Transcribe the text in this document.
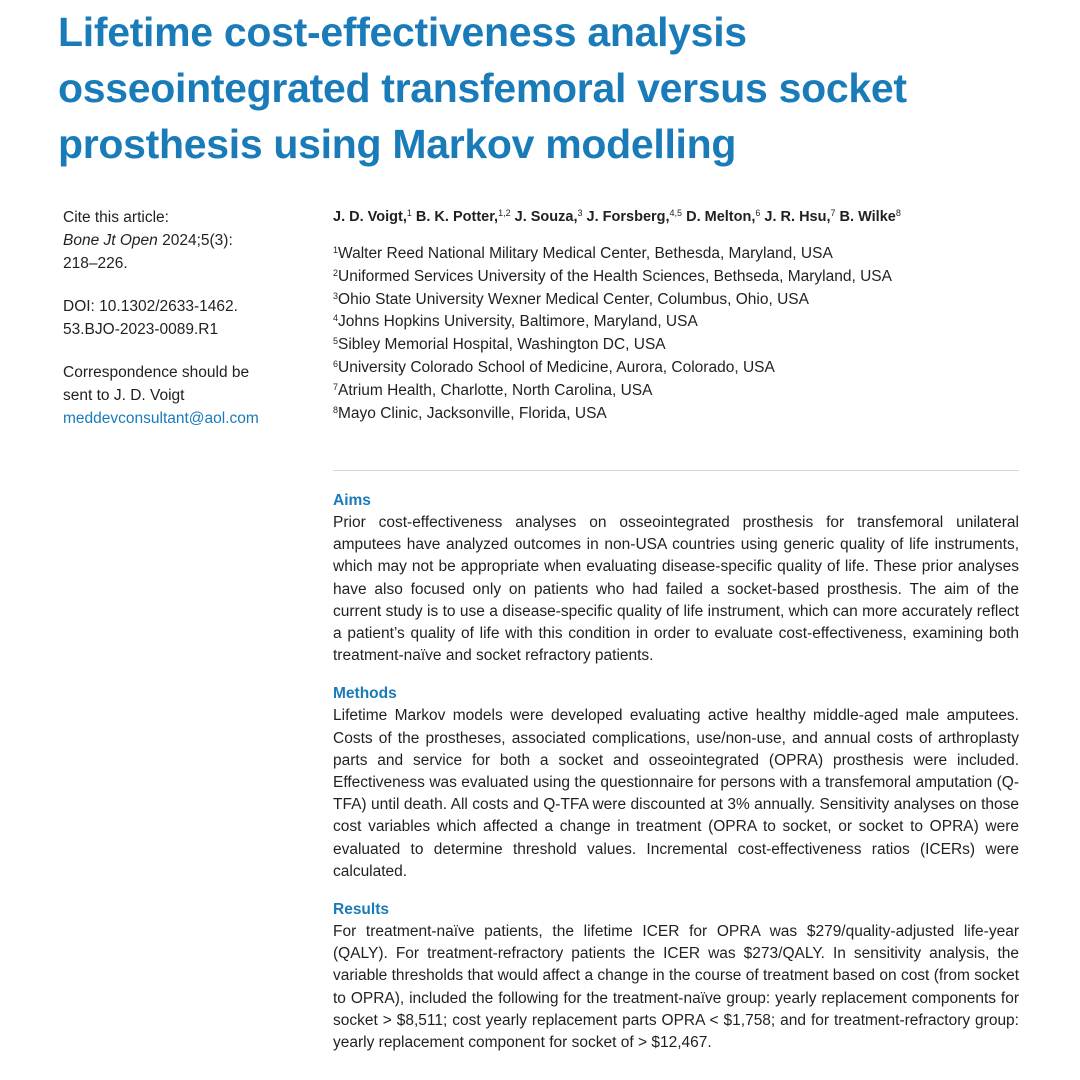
Lifetime cost-effectiveness analysis
osseointegrated transfemoral versus socket
prosthesis using Markov modelling

Cite this article:
Bone Jt Open 2024;5(3):
218–226.

DOI: 10.1302/2633-1462.
53.BJO-2023-0089.R1

Correspondence should be
sent to J. D. Voigt
meddevconsultant@aol.com

J. D. Voigt,$^1$ B. K. Potter,$^{1,2}$ J. Souza,$^3$ J. Forsberg,$^{4,5}$ D. Melton,$^6$ J. R. Hsu,$^7$ B. Wilke$^8$
$^1$Walter Reed National Military Medical Center, Bethesda, Maryland, USA
$^2$Uniformed Services University of the Health Sciences, Bethseda, Maryland, USA
$^3$Ohio State University Wexner Medical Center, Columbus, Ohio, USA
$^4$Johns Hopkins University, Baltimore, Maryland, USA
$^5$Sibley Memorial Hospital, Washington DC, USA
$^6$University Colorado School of Medicine, Aurora, Colorado, USA
$^7$Atrium Health, Charlotte, North Carolina, USA
$^8$Mayo Clinic, Jacksonville, Florida, USA
Aims

Prior cost-effectiveness analyses on osseointegrated prosthesis for transfemoral unilateral amputees have analyzed outcomes in non-USA countries using generic quality of life instruments, which may not be appropriate when evaluating disease-specific quality of life. These prior analyses have also focused only on patients who had failed a socket-based prosthesis. The aim of the current study is to use a disease-specific quality of life instrument, which can more accurately reflect a patient’s quality of life with this condition in order to evaluate cost-effectiveness, examining both treatment-naïve and socket refractory patients.

Methods

Lifetime Markov models were developed evaluating active healthy middle-aged male amputees. Costs of the prostheses, associated complications, use/non-use, and annual costs of arthroplasty parts and service for both a socket and osseointegrated (OPRA) prosthesis were included. Effectiveness was evaluated using the questionnaire for persons with a transfemoral amputation (Q-TFA) until death. All costs and Q-TFA were discounted at 3% annually. Sensitivity analyses on those cost variables which affected a change in treatment (OPRA to socket, or socket to OPRA) were evaluated to determine threshold values. Incremental cost-effectiveness ratios (ICERs) were calculated.

Results

For treatment-naïve patients, the lifetime ICER for OPRA was $279/quality-adjusted life-year (QALY). For treatment-refractory patients the ICER was $273/QALY. In sensitivity analysis, the variable thresholds that would affect a change in the course of treatment based on cost (from socket to OPRA), included the following for the treatment-naïve group: yearly replacement components for socket > $8,511; cost yearly replacement parts OPRA < $1,758; and for treatment-refractory group: yearly replacement component for socket of > $12,467.
